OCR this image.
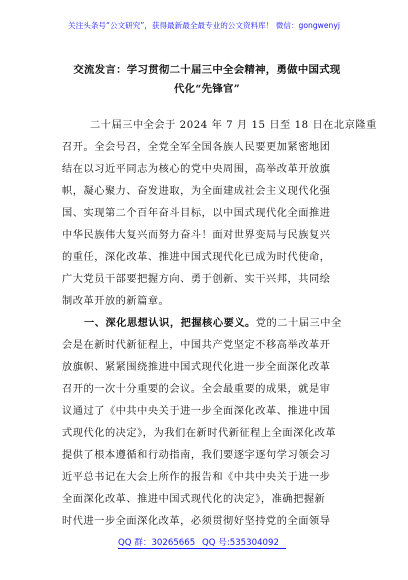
关注头条号“公文研究”，获得最新最全最专业的公文资料库！ 微信：gongwenyj
交流发言：学习贯彻二十届三中全会精神，勇做中国式现
代化“先锋官”
二十届三中全会于 2024 年 7 月 15 日至 18 日在北京隆重
召开。全会号召，全党全军全国各族人民要更加紧密地团
结在以习近平同志为核心的党中央周围，高举改革开放旗
帜，凝心聚力、奋发进取，为全面建成社会主义现代化强
国、实现第二个百年奋斗目标，以中国式现代化全面推进
中华民族伟大复兴而努力奋斗！面对世界变局与民族复兴
的重任，深化改革、推进中国式现代化已成为时代使命，
广大党员干部要把握方向、勇于创新、实干兴邦，共同绘
制改革开放的新篇章。
一、深化思想认识，把握核心要义。党的二十届三中全
会是在新时代新征程上，中国共产党坚定不移高举改革开
放旗帜、紧紧围绕推进中国式现代化进一步全面深化改革
召开的一次十分重要的会议。全会最重要的成果，就是审
议通过了《中共中央关于进一步全面深化改革、推进中国
式现代化的决定》，为我们在新时代新征程上全面深化改革
提供了根本遵循和行动指南，我们要逐字逐句学习领会习
近平总书记在大会上所作的报告和《中共中央关于进一步
全面深化改革、推进中国式现代化的决定》，准确把握新
时代进一步全面深化改革，必须贯彻好坚持党的全面领导
QQ 群：30265665 QQ 号:535304092
